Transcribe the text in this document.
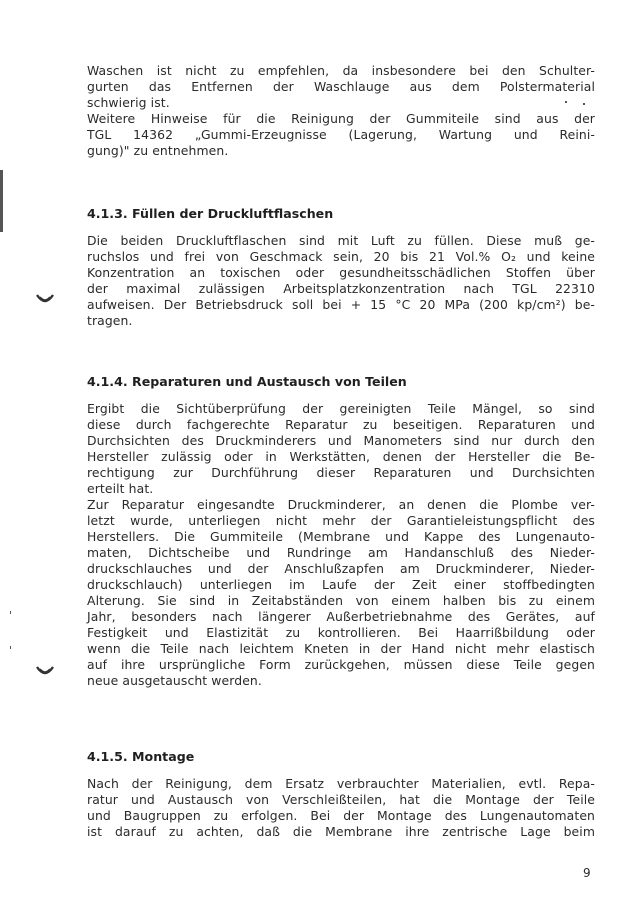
Waschen ist nicht zu empfehlen, da insbesondere bei den Schulter-
gurten das Entfernen der Waschlauge aus dem Polstermaterial
schwierig ist.
Weitere Hinweise für die Reinigung der Gummiteile sind aus der
TGL 14362 „Gummi-Erzeugnisse (Lagerung, Wartung und Reini-
gung)" zu entnehmen.
4.1.3. Füllen der Druckluftflaschen
Die beiden Druckluftflaschen sind mit Luft zu füllen. Diese muß ge-
ruchslos und frei von Geschmack sein, 20 bis 21 Vol.% O₂ und keine
Konzentration an toxischen oder gesundheitsschädlichen Stoffen über
der maximal zulässigen Arbeitsplatzkonzentration nach TGL 22310
aufweisen. Der Betriebsdruck soll bei + 15 °C 20 MPa (200 kp/cm²) be-
tragen.
4.1.4. Reparaturen und Austausch von Teilen
Ergibt die Sichtüberprüfung der gereinigten Teile Mängel, so sind
diese durch fachgerechte Reparatur zu beseitigen. Reparaturen und
Durchsichten des Druckminderers und Manometers sind nur durch den
Hersteller zulässig oder in Werkstätten, denen der Hersteller die Be-
rechtigung zur Durchführung dieser Reparaturen und Durchsichten
erteilt hat.
Zur Reparatur eingesandte Druckminderer, an denen die Plombe ver-
letzt wurde, unterliegen nicht mehr der Garantieleistungspflicht des
Herstellers. Die Gummiteile (Membrane und Kappe des Lungenauto-
maten, Dichtscheibe und Rundringe am Handanschluß des Nieder-
druckschlauches und der Anschlußzapfen am Druckminderer, Nieder-
druckschlauch) unterliegen im Laufe der Zeit einer stoffbedingten
Alterung. Sie sind in Zeitabständen von einem halben bis zu einem
Jahr, besonders nach längerer Außerbetriebnahme des Gerätes, auf
Festigkeit und Elastizität zu kontrollieren. Bei Haarrißbildung oder
wenn die Teile nach leichtem Kneten in der Hand nicht mehr elastisch
auf ihre ursprüngliche Form zurückgehen, müssen diese Teile gegen
neue ausgetauscht werden.
4.1.5. Montage
Nach der Reinigung, dem Ersatz verbrauchter Materialien, evtl. Repa-
ratur und Austausch von Verschleißteilen, hat die Montage der Teile
und Baugruppen zu erfolgen. Bei der Montage des Lungenautomaten
ist darauf zu achten, daß die Membrane ihre zentrische Lage beim
9
